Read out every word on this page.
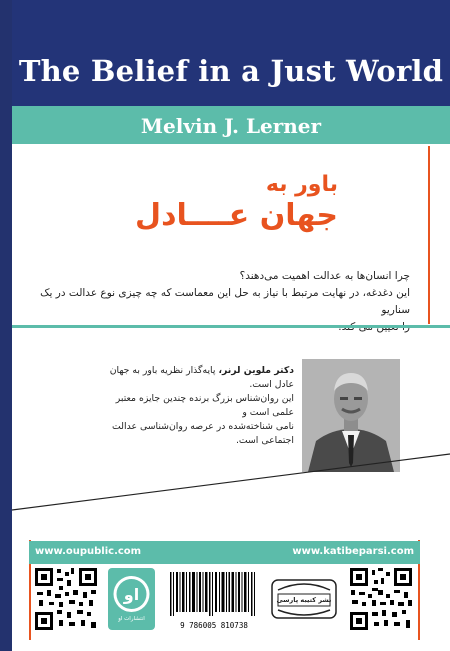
The Belief in a Just World
Melvin J. Lerner
باور به
جهان عــــادل
چرا انسان‌ها به عدالت اهمیت می‌دهند؟
این دغدغه، در نهایت مرتبط با نیاز به حل این معماست که چه چیزی نوع عدالت در یک سناریو
دکتر ملوین لرنر، پایه‌گذار نظریه باور به جهان عادل است.
این روان‌شناس بزرگ برنده چندین جایزه معتبر علمی است و
نامی شناخته‌شده در عرصه روان‌شناسی عدالت اجتماعی است.
www.oupublic.com	www.katibeparsi.com
او
انتشارات او
9 786005 810738
نشر کتیبه پارسی
